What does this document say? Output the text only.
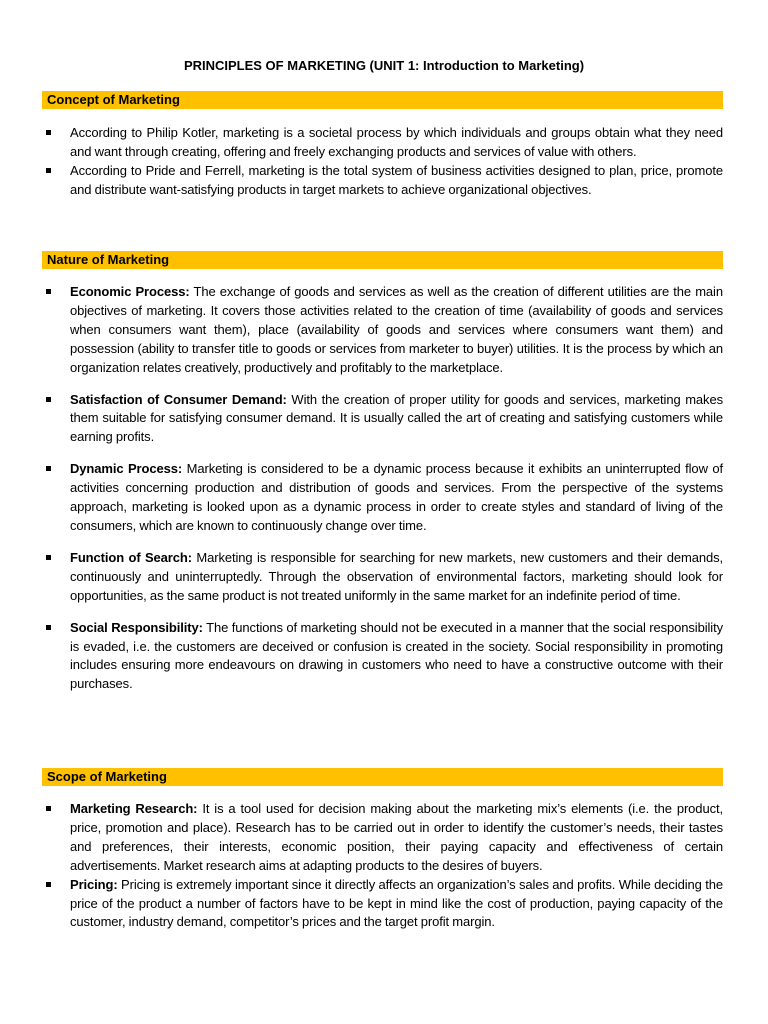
PRINCIPLES OF MARKETING (UNIT 1: Introduction to Marketing)
Concept of Marketing
According to Philip Kotler, marketing is a societal process by which individuals and groups obtain what they need and want through creating, offering and freely exchanging products and services of value with others.
According to Pride and Ferrell, marketing is the total system of business activities designed to plan, price, promote and distribute want-satisfying products in target markets to achieve organizational objectives.
Nature of Marketing
Economic Process: The exchange of goods and services as well as the creation of different utilities are the main objectives of marketing. It covers those activities related to the creation of time (availability of goods and services when consumers want them), place (availability of goods and services where consumers want them) and possession (ability to transfer title to goods or services from marketer to buyer) utilities. It is the process by which an organization relates creatively, productively and profitably to the marketplace.
Satisfaction of Consumer Demand: With the creation of proper utility for goods and services, marketing makes them suitable for satisfying consumer demand. It is usually called the art of creating and satisfying customers while earning profits.
Dynamic Process: Marketing is considered to be a dynamic process because it exhibits an uninterrupted flow of activities concerning production and distribution of goods and services. From the perspective of the systems approach, marketing is looked upon as a dynamic process in order to create styles and standard of living of the consumers, which are known to continuously change over time.
Function of Search: Marketing is responsible for searching for new markets, new customers and their demands, continuously and uninterruptedly. Through the observation of environmental factors, marketing should look for opportunities, as the same product is not treated uniformly in the same market for an indefinite period of time.
Social Responsibility: The functions of marketing should not be executed in a manner that the social responsibility is evaded, i.e. the customers are deceived or confusion is created in the society. Social responsibility in promoting includes ensuring more endeavours on drawing in customers who need to have a constructive outcome with their purchases.
Scope of Marketing
Marketing Research: It is a tool used for decision making about the marketing mix’s elements (i.e. the product, price, promotion and place). Research has to be carried out in order to identify the customer’s needs, their tastes and preferences, their interests, economic position, their paying capacity and effectiveness of certain advertisements. Market research aims at adapting products to the desires of buyers.
Pricing: Pricing is extremely important since it directly affects an organization’s sales and profits. While deciding the price of the product a number of factors have to be kept in mind like the cost of production, paying capacity of the customer, industry demand, competitor’s prices and the target profit margin.
